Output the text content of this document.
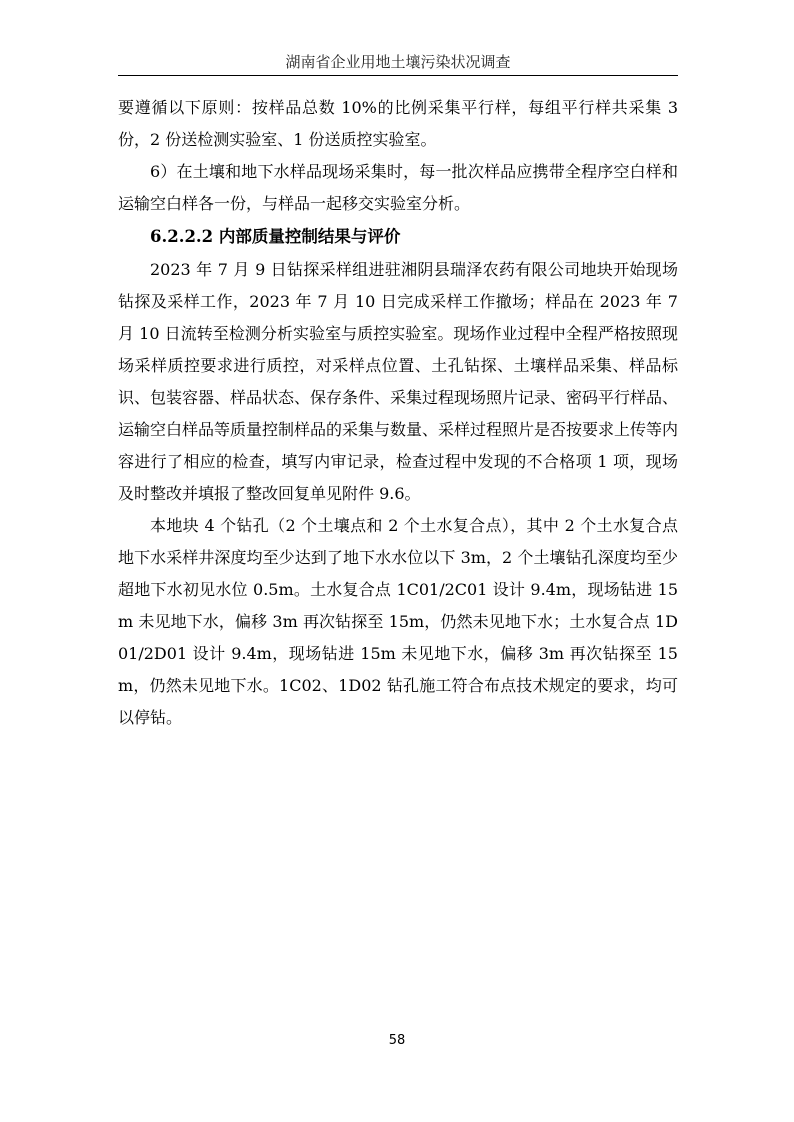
湖南省企业用地土壤污染状况调查

要遵循以下原则：按样品总数 10%的比例采集平行样，每组平行样共采集 3 份，2 份送检测实验室、1 份送质控实验室。

6）在土壤和地下水样品现场采集时，每一批次样品应携带全程序空白样和运输空白样各一份，与样品一起移交实验室分析。

6.2.2.2 内部质量控制结果与评价

2023 年 7 月 9 日钻探采样组进驻湘阴县瑞泽农药有限公司地块开始现场钻探及采样工作，2023 年 7 月 10 日完成采样工作撤场；样品在 2023 年 7 月 10 日流转至检测分析实验室与质控实验室。现场作业过程中全程严格按照现场采样质控要求进行质控，对采样点位置、土孔钻探、土壤样品采集、样品标识、包装容器、样品状态、保存条件、采集过程现场照片记录、密码平行样品、运输空白样品等质量控制样品的采集与数量、采样过程照片是否按要求上传等内容进行了相应的检查，填写内审记录，检查过程中发现的不合格项 1 项，现场及时整改并填报了整改回复单见附件 9.6。

本地块 4 个钻孔（2 个土壤点和 2 个土水复合点），其中 2 个土水复合点地下水采样井深度均至少达到了地下水水位以下 3m，2 个土壤钻孔深度均至少超地下水初见水位 0.5m。土水复合点 1C01/2C01 设计 9.4m，现场钻进 15m 未见地下水，偏移 3m 再次钻探至 15m，仍然未见地下水；土水复合点 1D01/2D01 设计 9.4m，现场钻进 15m 未见地下水，偏移 3m 再次钻探至 15m，仍然未见地下水。1C02、1D02 钻孔施工符合布点技术规定的要求，均可以停钻。

58
